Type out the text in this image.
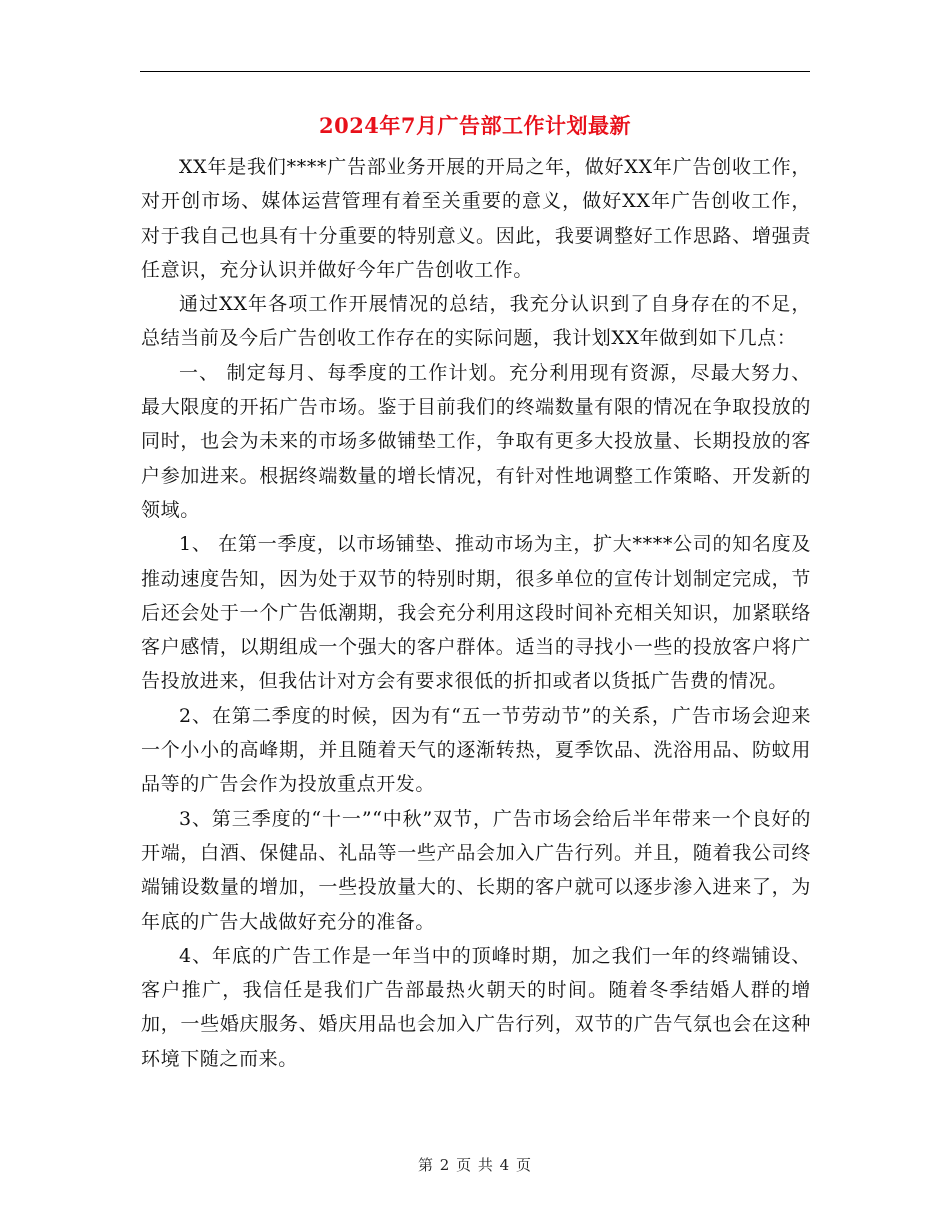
2024年7月广告部工作计划最新

XX年是我们****广告部业务开展的开局之年，做好XX年广告创收工作，对开创市场、媒体运营管理有着至关重要的意义，做好XX年广告创收工作，对于我自己也具有十分重要的特别意义。因此，我要调整好工作思路、增强责任意识，充分认识并做好今年广告创收工作。

通过XX年各项工作开展情况的总结，我充分认识到了自身存在的不足，总结当前及今后广告创收工作存在的实际问题，我计划XX年做到如下几点：

一、 制定每月、每季度的工作计划。充分利用现有资源，尽最大努力、最大限度的开拓广告市场。鉴于目前我们的终端数量有限的情况在争取投放的同时，也会为未来的市场多做铺垫工作，争取有更多大投放量、长期投放的客户参加进来。根据终端数量的增长情况，有针对性地调整工作策略、开发新的领域。

1、 在第一季度，以市场铺垫、推动市场为主，扩大****公司的知名度及推动速度告知，因为处于双节的特别时期，很多单位的宣传计划制定完成，节后还会处于一个广告低潮期，我会充分利用这段时间补充相关知识，加紧联络客户感情，以期组成一个强大的客户群体。适当的寻找小一些的投放客户将广告投放进来，但我估计对方会有要求很低的折扣或者以货抵广告费的情况。

2、在第二季度的时候，因为有“五一节劳动节”的关系，广告市场会迎来一个小小的高峰期，并且随着天气的逐渐转热，夏季饮品、洗浴用品、防蚊用品等的广告会作为投放重点开发。

3、第三季度的“十一”“中秋”双节，广告市场会给后半年带来一个良好的开端，白酒、保健品、礼品等一些产品会加入广告行列。并且，随着我公司终端铺设数量的增加，一些投放量大的、长期的客户就可以逐步渗入进来了，为年底的广告大战做好充分的准备。

4、年底的广告工作是一年当中的顶峰时期，加之我们一年的终端铺设、客户推广，我信任是我们广告部最热火朝天的时间。随着冬季结婚人群的增加，一些婚庆服务、婚庆用品也会加入广告行列，双节的广告气氛也会在这种环境下随之而来。

第 2 页 共 4 页
